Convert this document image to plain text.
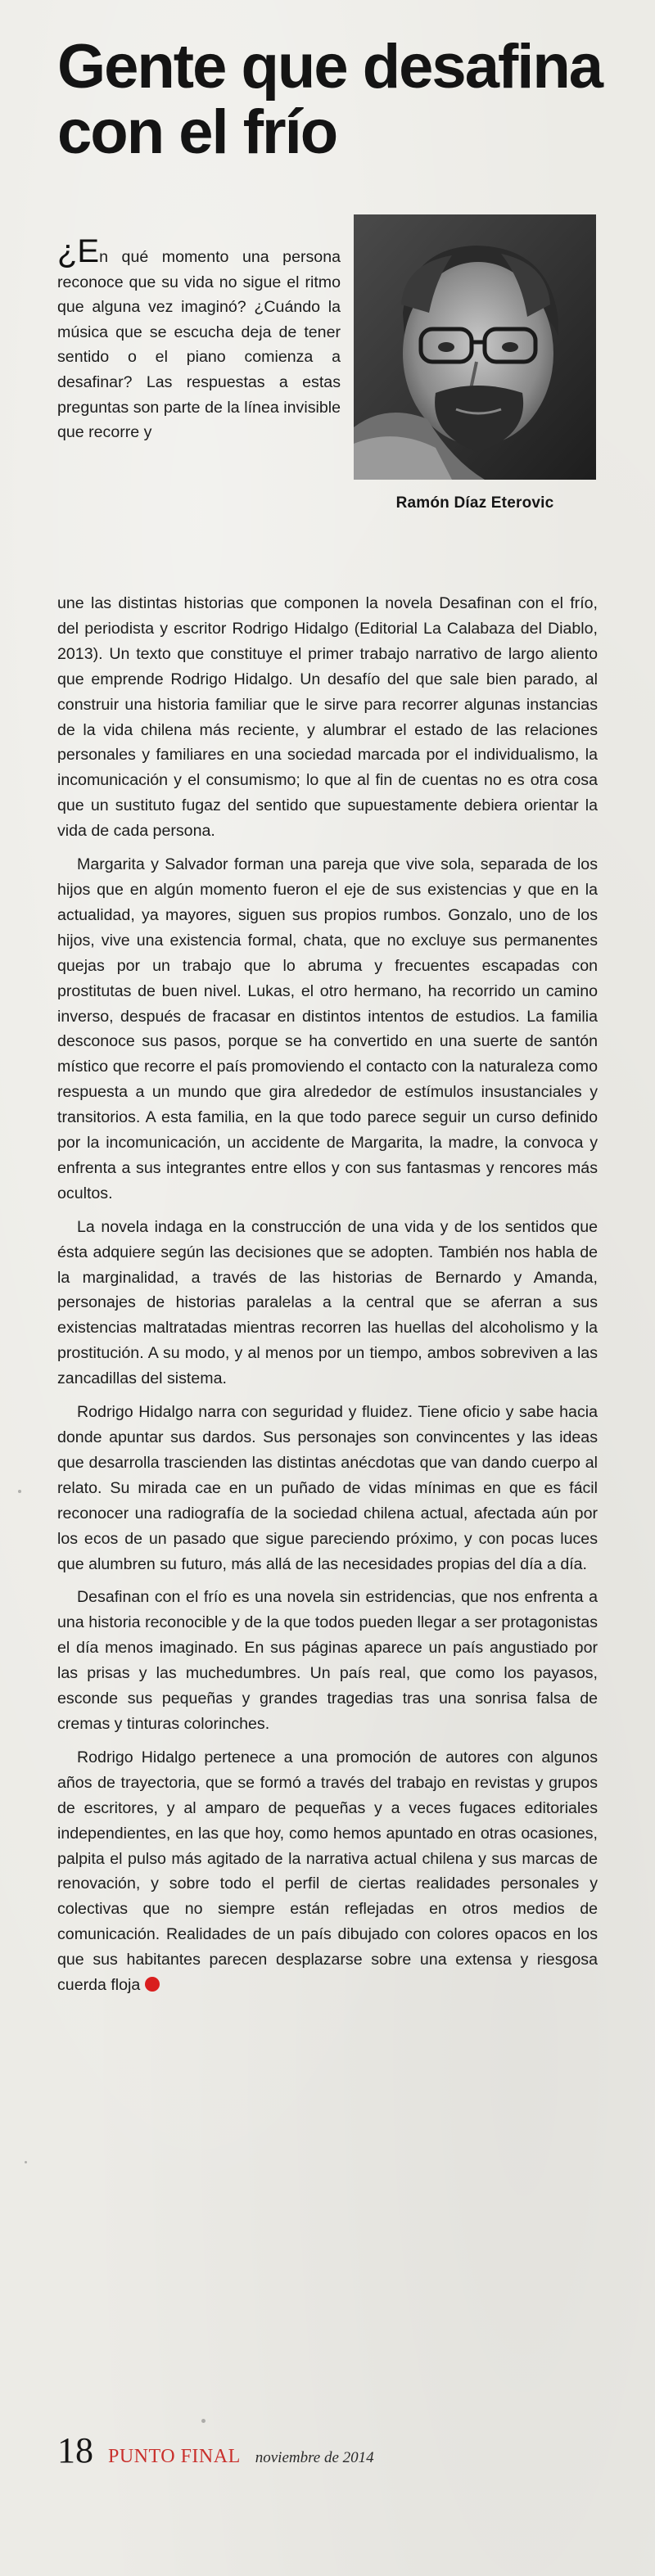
Gente que desafina con el frío

¿En qué momento una persona reconoce que su vida no sigue el ritmo que alguna vez imaginó? ¿Cuándo la música que se escucha deja de tener sentido o el piano comienza a desafinar? Las respuestas a estas preguntas son parte de la línea invisible que recorre y

Ramón Díaz Eterovic

une las distintas historias que componen la novela Desafinan con el frío, del periodista y escritor Rodrigo Hidalgo (Editorial La Calabaza del Diablo, 2013). Un texto que constituye el primer trabajo narrativo de largo aliento que emprende Rodrigo Hidalgo. Un desafío del que sale bien parado, al construir una historia familiar que le sirve para recorrer algunas instancias de la vida chilena más reciente, y alumbrar el estado de las relaciones personales y familiares en una sociedad marcada por el individualismo, la incomunicación y el consumismo; lo que al fin de cuentas no es otra cosa que un sustituto fugaz del sentido que supuestamente debiera orientar la vida de cada persona.

Margarita y Salvador forman una pareja que vive sola, separada de los hijos que en algún momento fueron el eje de sus existencias y que en la actualidad, ya mayores, siguen sus propios rumbos. Gonzalo, uno de los hijos, vive una existencia formal, chata, que no excluye sus permanentes quejas por un trabajo que lo abruma y frecuentes escapadas con prostitutas de buen nivel. Lukas, el otro hermano, ha recorrido un camino inverso, después de fracasar en distintos intentos de estudios. La familia desconoce sus pasos, porque se ha convertido en una suerte de santón místico que recorre el país promoviendo el contacto con la naturaleza como respuesta a un mundo que gira alrededor de estímulos insustanciales y transitorios. A esta familia, en la que todo parece seguir un curso definido por la incomunicación, un accidente de Margarita, la madre, la convoca y enfrenta a sus integrantes entre ellos y con sus fantasmas y rencores más ocultos.

La novela indaga en la construcción de una vida y de los sentidos que ésta adquiere según las decisiones que se adopten. También nos habla de la marginalidad, a través de las historias de Bernardo y Amanda, personajes de historias paralelas a la central que se aferran a sus existencias maltratadas mientras recorren las huellas del alcoholismo y la prostitución. A su modo, y al menos por un tiempo, ambos sobreviven a las zancadillas del sistema.

Rodrigo Hidalgo narra con seguridad y fluidez. Tiene oficio y sabe hacia donde apuntar sus dardos. Sus personajes son convincentes y las ideas que desarrolla trascienden las distintas anécdotas que van dando cuerpo al relato. Su mirada cae en un puñado de vidas mínimas en que es fácil reconocer una radiografía de la sociedad chilena actual, afectada aún por los ecos de un pasado que sigue pareciendo próximo, y con pocas luces que alumbren su futuro, más allá de las necesidades propias del día a día.

Desafinan con el frío es una novela sin estridencias, que nos enfrenta a una historia reconocible y de la que todos pueden llegar a ser protagonistas el día menos imaginado. En sus páginas aparece un país angustiado por las prisas y las muchedumbres. Un país real, que como los payasos, esconde sus pequeñas y grandes tragedias tras una sonrisa falsa de cremas y tinturas colorinches.

Rodrigo Hidalgo pertenece a una promoción de autores con algunos años de trayectoria, que se formó a través del trabajo en revistas y grupos de escritores, y al amparo de pequeñas y a veces fugaces editoriales independientes, en las que hoy, como hemos apuntado en otras ocasiones, palpita el pulso más agitado de la narrativa actual chilena y sus marcas de renovación, y sobre todo el perfil de ciertas realidades personales y colectivas que no siempre están reflejadas en otros medios de comunicación. Realidades de un país dibujado con colores opacos en los que sus habitantes parecen desplazarse sobre una extensa y riesgosa cuerda floja

18 PUNTO FINAL noviembre de 2014
